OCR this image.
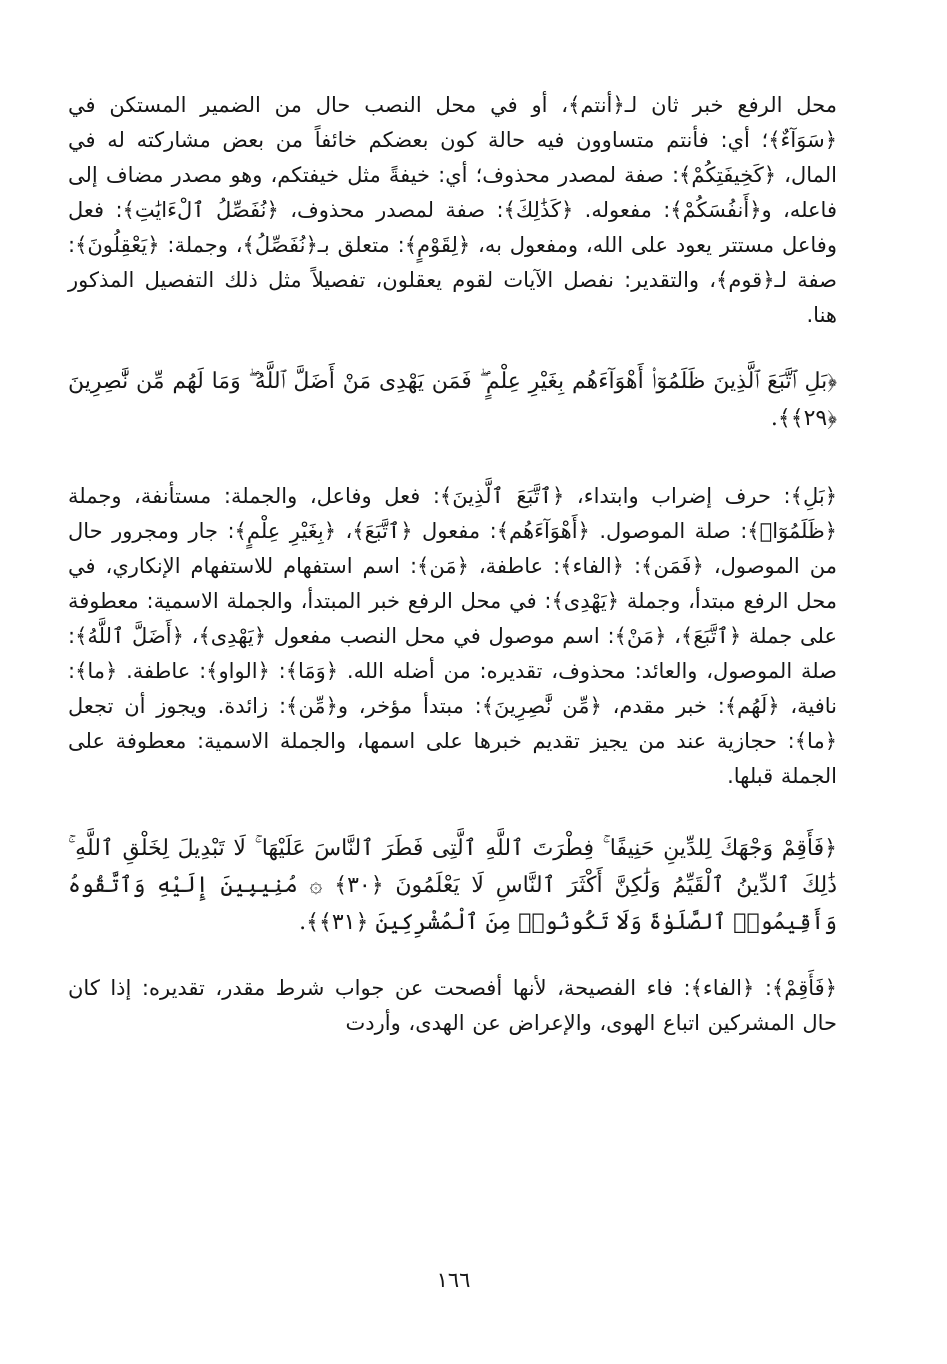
محل الرفع خبر ثان لـ﴿أنتم﴾، أو في محل النصب حال من الضمير المستكن في ﴿سَوَآءٌ﴾؛ أي: فأنتم متساوون فيه حالة كون بعضكم خائفاً من بعض مشاركته له في المال، ﴿كَخِيفَتِكُمْ﴾: صفة لمصدر محذوف؛ أي: خيفةً مثل خيفتكم، وهو مصدر مضاف إلى فاعله، و﴿أَنفُسَكُمْ﴾: مفعوله. ﴿كَذَٰلِكَ﴾: صفة لمصدر محذوف، ﴿نُفَصِّلُ ٱلْءَايَٰتِ﴾: فعل وفاعل مستتر يعود على الله، ومفعول به، ﴿لِقَوْمٍ﴾: متعلق بـ﴿نُفَصِّلُ﴾، وجملة: ﴿يَعْقِلُونَ﴾: صفة لـ﴿قوم﴾، والتقدير: نفصل الآيات لقوم يعقلون، تفصيلاً مثل ذلك التفصيل المذكور هنا.

﴿بَلِ ٱتَّبَعَ ٱلَّذِينَ ظَلَمُوٓا۟ أَهْوَآءَهُم بِغَيْرِ عِلْمٍ ۖ فَمَن يَهْدِى مَنْ أَضَلَّ ٱللَّهُ ۖ وَمَا لَهُم مِّن نَّٰصِرِينَ ﴿٢٩﴾﴾.

﴿بَلِ﴾: حرف إضراب وابتداء، ﴿ٱتَّبَعَ ٱلَّذِينَ﴾: فعل وفاعل، والجملة: مستأنفة، وجملة ﴿ظَلَمُوٓا۟﴾: صلة الموصول. ﴿أَهْوَآءَهُم﴾: مفعول ﴿ٱتَّبَعَ﴾، ﴿بِغَيْرِ عِلْمٍ﴾: جار ومجرور حال من الموصول، ﴿فَمَن﴾: ﴿الفاء﴾: عاطفة، ﴿مَن﴾: اسم استفهام للاستفهام الإنكاري، في محل الرفع مبتدأ، وجملة ﴿يَهْدِى﴾: في محل الرفع خبر المبتدأ، والجملة الاسمية: معطوفة على جملة ﴿ٱتَّبَعَ﴾، ﴿مَنْ﴾: اسم موصول في محل النصب مفعول ﴿يَهْدِى﴾، ﴿أَضَلَّ ٱللَّهُ﴾: صلة الموصول، والعائد: محذوف، تقديره: من أضله الله. ﴿وَمَا﴾: ﴿الواو﴾: عاطفة. ﴿ما﴾: نافية، ﴿لَهُم﴾: خبر مقدم، ﴿مِّن نَّٰصِرِينَ﴾: مبتدأ مؤخر، و﴿مِّن﴾: زائدة. ويجوز أن تجعل ﴿ما﴾: حجازية عند من يجيز تقديم خبرها على اسمها، والجملة الاسمية: معطوفة على الجملة قبلها.

﴿فَأَقِمْ وَجْهَكَ لِلدِّينِ حَنِيفًا ۚ فِطْرَتَ ٱللَّهِ ٱلَّتِى فَطَرَ ٱلنَّاسَ عَلَيْهَا ۚ لَا تَبْدِيلَ لِخَلْقِ ٱللَّهِ ۚ ذَٰلِكَ ٱلدِّينُ ٱلْقَيِّمُ وَلَٰكِنَّ أَكْثَرَ ٱلنَّاسِ لَا يَعْلَمُونَ ﴿٣٠﴾ ۞ مُنِيبِينَ إِلَيْهِ وَٱتَّقُوهُ وَأَقِيمُوا۟ ٱلصَّلَوٰةَ وَلَا تَكُونُوا۟ مِنَ ٱلْمُشْرِكِينَ ﴿٣١﴾﴾.

﴿فَأَقِمْ﴾: ﴿الفاء﴾: فاء الفصيحة، لأنها أفصحت عن جواب شرط مقدر، تقديره: إذا كان حال المشركين اتباع الهوى، والإعراض عن الهدى، وأردت

١٦٦
